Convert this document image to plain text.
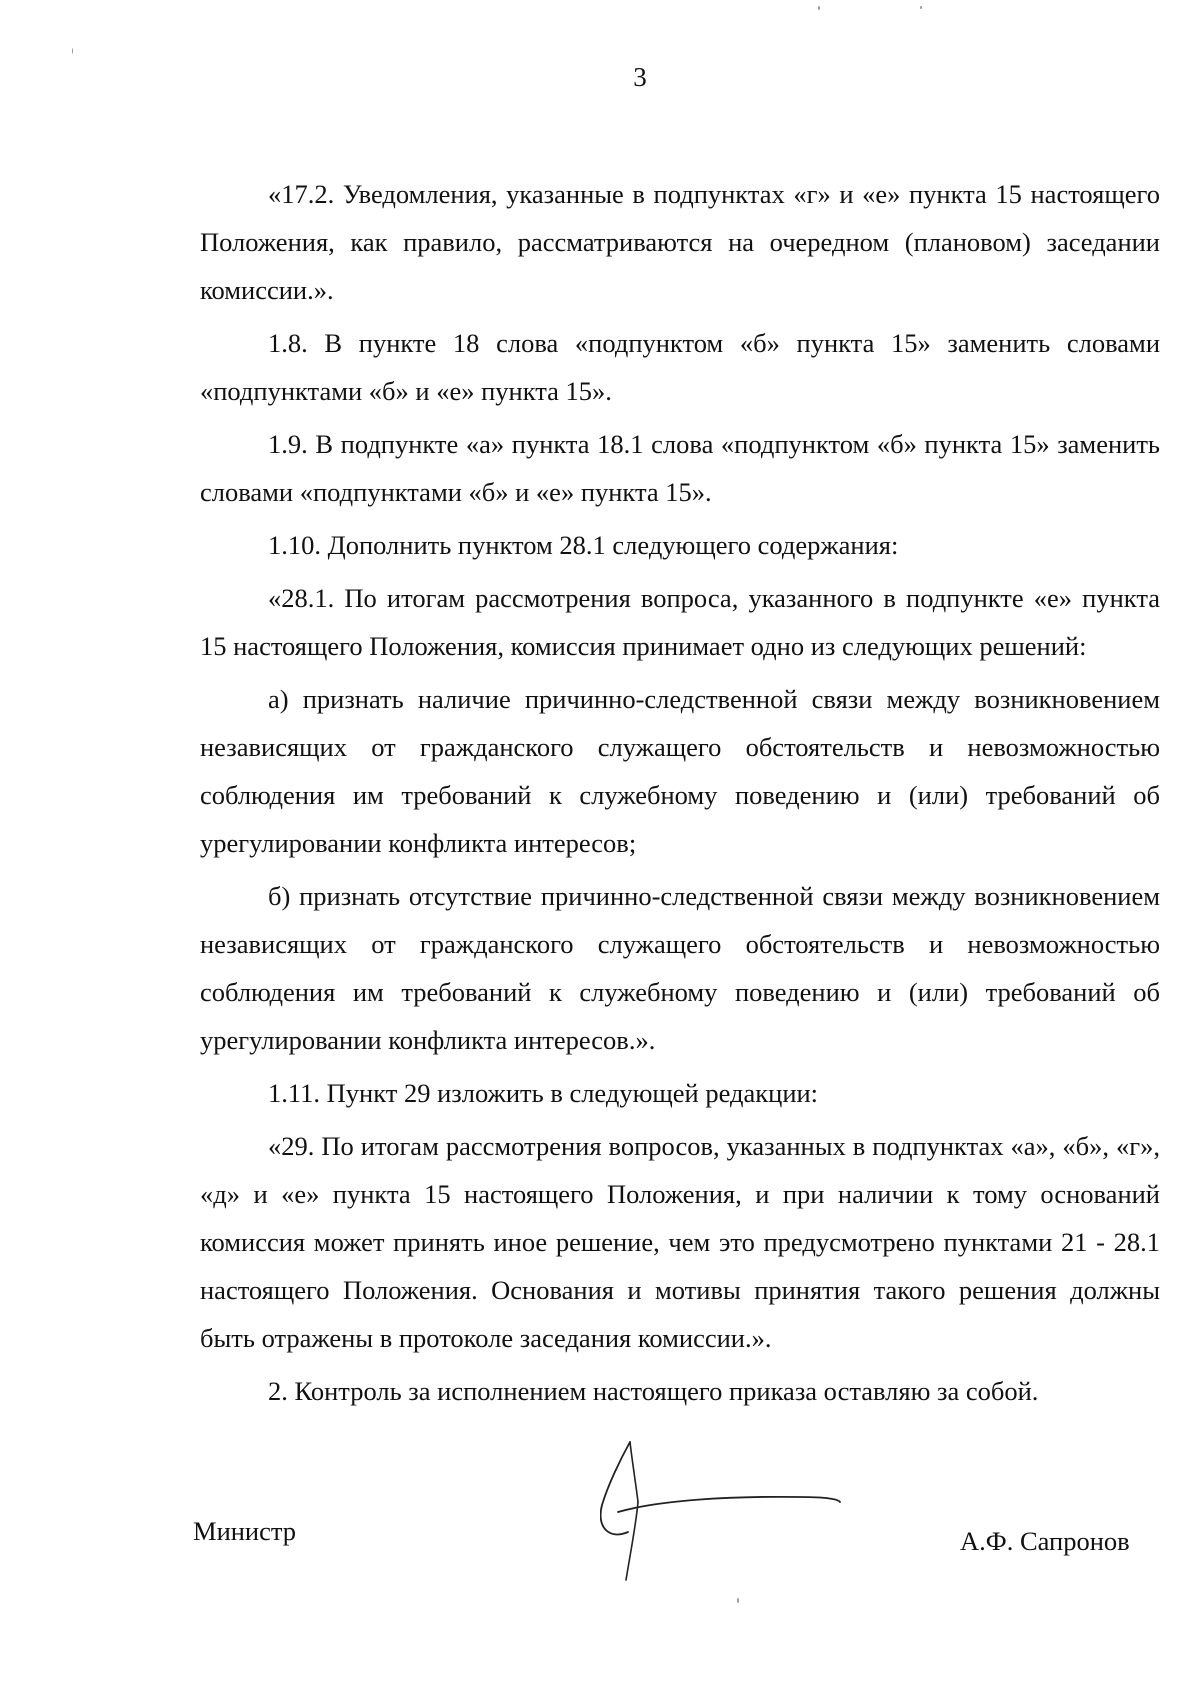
3

«17.2. Уведомления, указанные в подпунктах «г» и «е» пункта 15 настоящего Положения, как правило, рассматриваются на очередном (плановом) заседании комиссии.».

1.8. В пункте 18 слова «подпунктом «б» пункта 15» заменить словами «подпунктами «б» и «е» пункта 15».

1.9. В подпункте «а» пункта 18.1 слова «подпунктом «б» пункта 15» заменить словами «подпунктами «б» и «е» пункта 15».

1.10. Дополнить пунктом 28.1 следующего содержания:

«28.1. По итогам рассмотрения вопроса, указанного в подпункте «е» пункта 15 настоящего Положения, комиссия принимает одно из следующих решений:

а) признать наличие причинно-следственной связи между возникновением независящих от гражданского служащего обстоятельств и невозможностью соблюдения им требований к служебному поведению и (или) требований об урегулировании конфликта интересов;

б) признать отсутствие причинно-следственной связи между возникновением независящих от гражданского служащего обстоятельств и невозможностью соблюдения им требований к служебному поведению и (или) требований об урегулировании конфликта интересов.».

1.11. Пункт 29 изложить в следующей редакции:

«29. По итогам рассмотрения вопросов, указанных в подпунктах «а», «б», «г», «д» и «е» пункта 15 настоящего Положения, и при наличии к тому оснований комиссия может принять иное решение, чем это предусмотрено пунктами 21 - 28.1 настоящего Положения. Основания и мотивы принятия такого решения должны быть отражены в протоколе заседания комиссии.».

2. Контроль за исполнением настоящего приказа оставляю за собой.

Министр	А.Ф. Сапронов
